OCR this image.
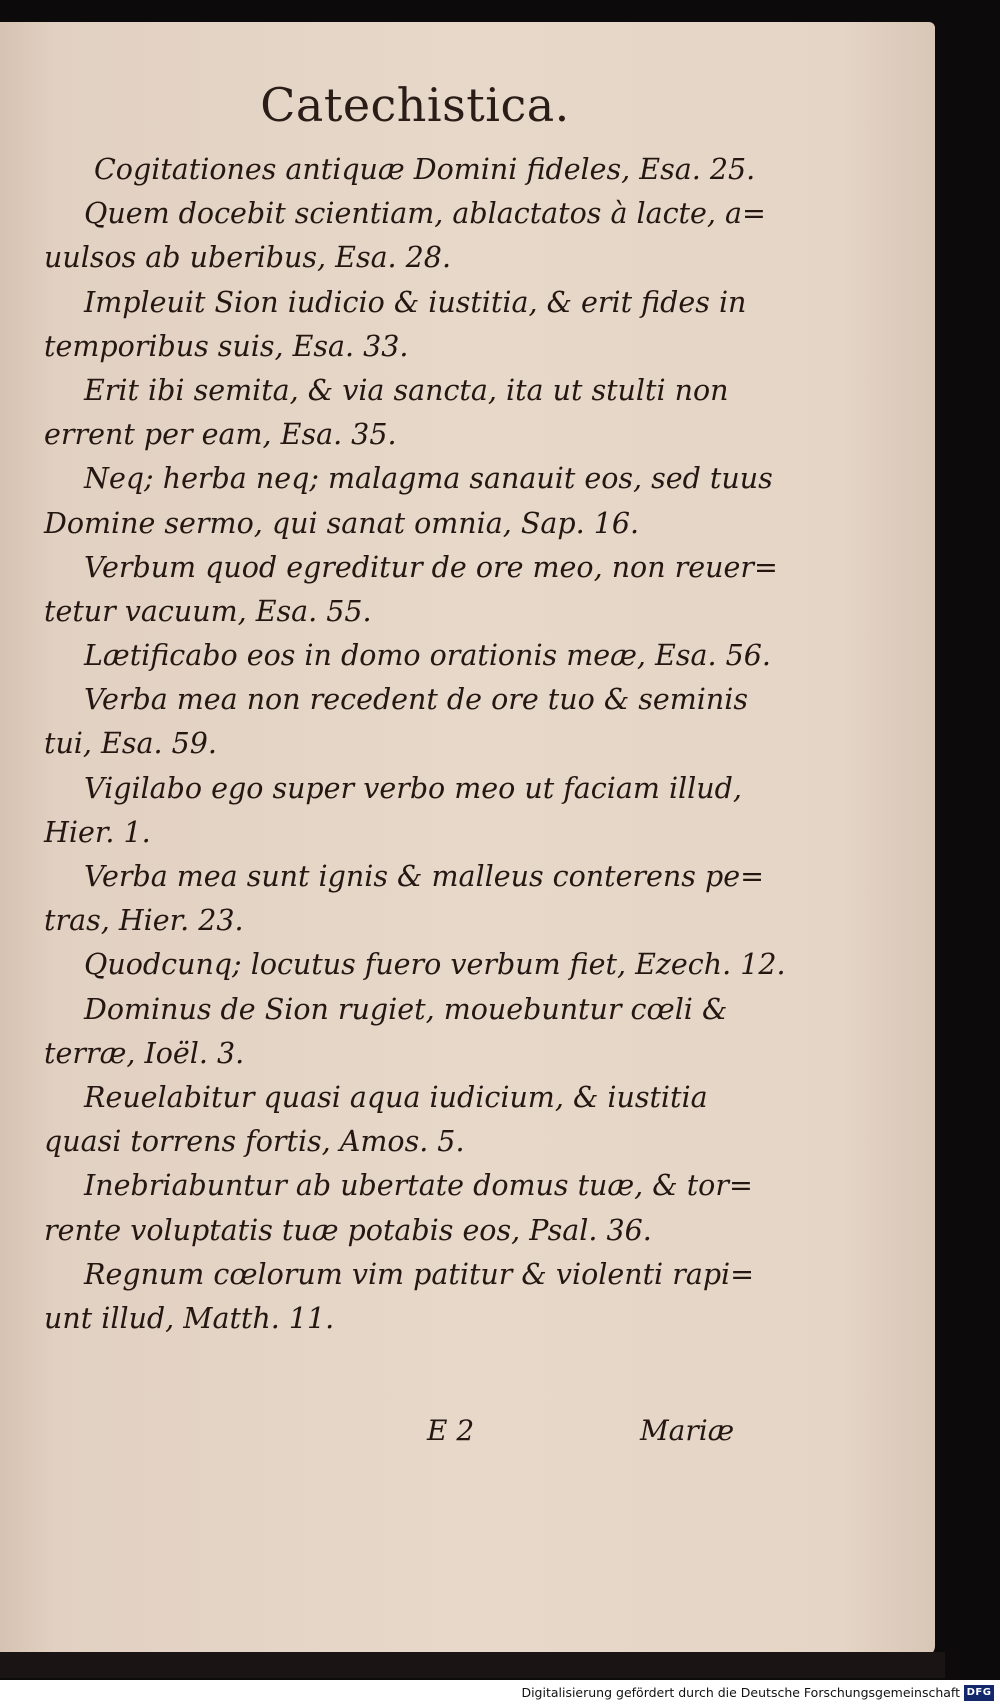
Catechistica.
Cogitationes antiquæ Domini fideles, Esa. 25.
Quem docebit scientiam, ablactatos à lacte, a=
uulsos ab uberibus, Esa. 28.
Impleuit Sion iudicio & iustitia, & erit fides in
temporibus suis, Esa. 33.
Erit ibi semita, & via sancta, ita ut stulti non
errent per eam, Esa. 35.
Neq; herba neq; malagma sanauit eos, sed tuus
Domine sermo, qui sanat omnia, Sap. 16.
Verbum quod egreditur de ore meo, non reuer=
tetur vacuum, Esa. 55.
Lætificabo eos in domo orationis meæ, Esa. 56.
Verba mea non recedent de ore tuo & seminis
tui, Esa. 59.
Vigilabo ego super verbo meo ut faciam illud,
Hier. 1.
Verba mea sunt ignis & malleus conterens pe=
tras, Hier. 23.
Quodcunq; locutus fuero verbum fiet, Ezech. 12.
Dominus de Sion rugiet, mouebuntur cœli &
terræ, Ioël. 3.
Reuelabitur quasi aqua iudicium, & iustitia
quasi torrens fortis, Amos. 5.
Inebriabuntur ab ubertate domus tuæ, & tor=
rente voluptatis tuæ potabis eos, Psal. 36.
Regnum cœlorum vim patitur & violenti rapi=
unt illud, Matth. 11.
E 2	Mariæ
Digitalisierung gefördert durch die Deutsche Forschungsgemeinschaft DFG
